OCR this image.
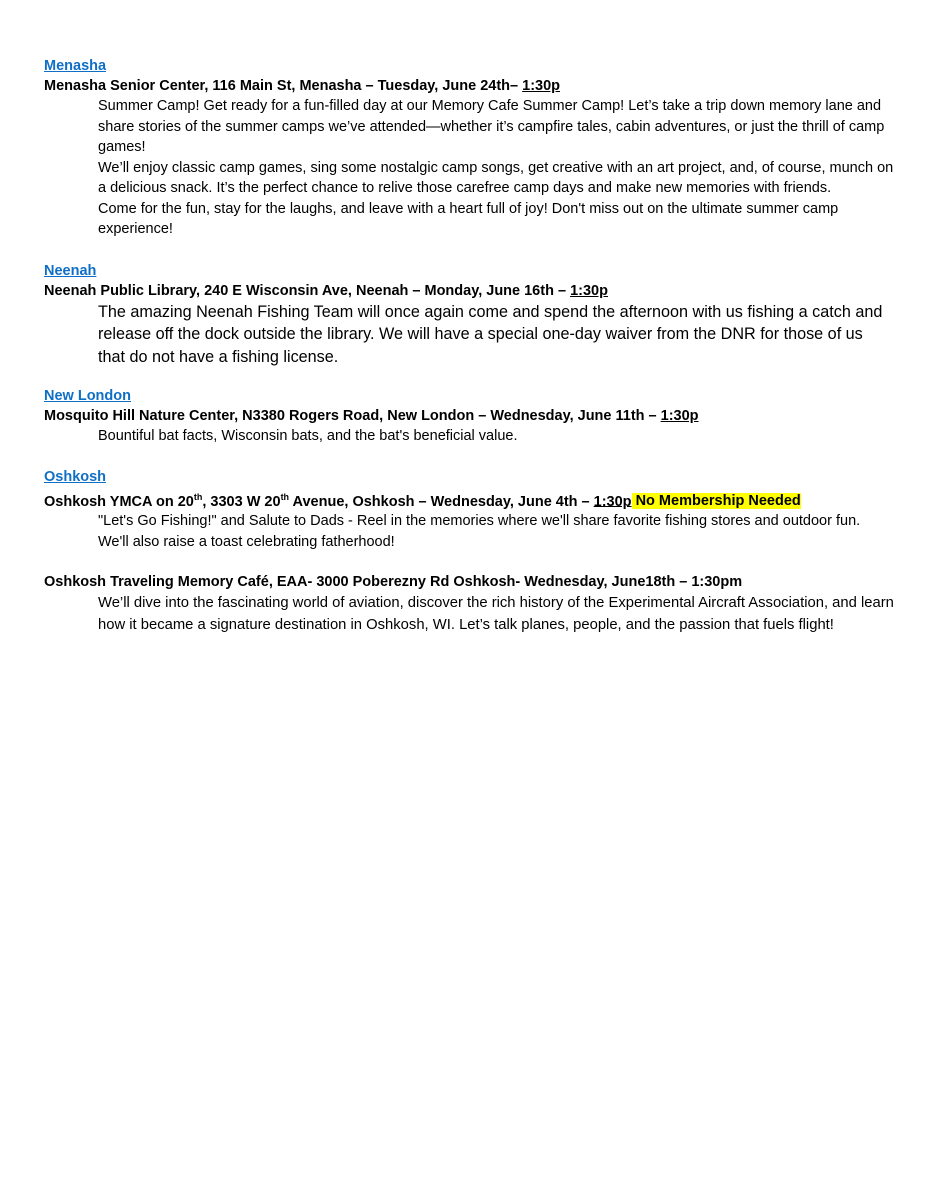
Menasha
Menasha Senior Center, 116 Main St, Menasha – Tuesday, June 24th– 1:30p

Summer Camp! Get ready for a fun-filled day at our Memory Cafe Summer Camp! Let’s take a trip down memory lane and share stories of the summer camps we’ve attended—whether it’s campfire tales, cabin adventures, or just the thrill of camp games!

We’ll enjoy classic camp games, sing some nostalgic camp songs, get creative with an art project, and, of course, munch on a delicious snack. It’s the perfect chance to relive those carefree camp days and make new memories with friends.

Come for the fun, stay for the laughs, and leave with a heart full of joy! Don't miss out on the ultimate summer camp experience!

Neenah
Neenah Public Library, 240 E Wisconsin Ave, Neenah – Monday, June 16th – 1:30p

The amazing Neenah Fishing Team will once again come and spend the afternoon with us fishing a catch and release off the dock outside the library. We will have a special one-day waiver from the DNR for those of us that do not have a fishing license.

New London
Mosquito Hill Nature Center, N3380 Rogers Road, New London – Wednesday, June 11th – 1:30p

Bountiful bat facts, Wisconsin bats, and the bat's beneficial value.

Oshkosh
Oshkosh YMCA on 20th, 3303 W 20th Avenue, Oshkosh – Wednesday, June 4th – 1:30p No Membership Needed

"Let's Go Fishing!" and Salute to Dads - Reel in the memories where we'll share favorite fishing stores and outdoor fun. We'll also raise a toast celebrating fatherhood!

Oshkosh Traveling Memory Café, EAA- 3000 Poberezny Rd Oshkosh- Wednesday, June18th – 1:30pm

We’ll dive into the fascinating world of aviation, discover the rich history of the Experimental Aircraft Association, and learn how it became a signature destination in Oshkosh, WI. Let’s talk planes, people, and the passion that fuels flight!
